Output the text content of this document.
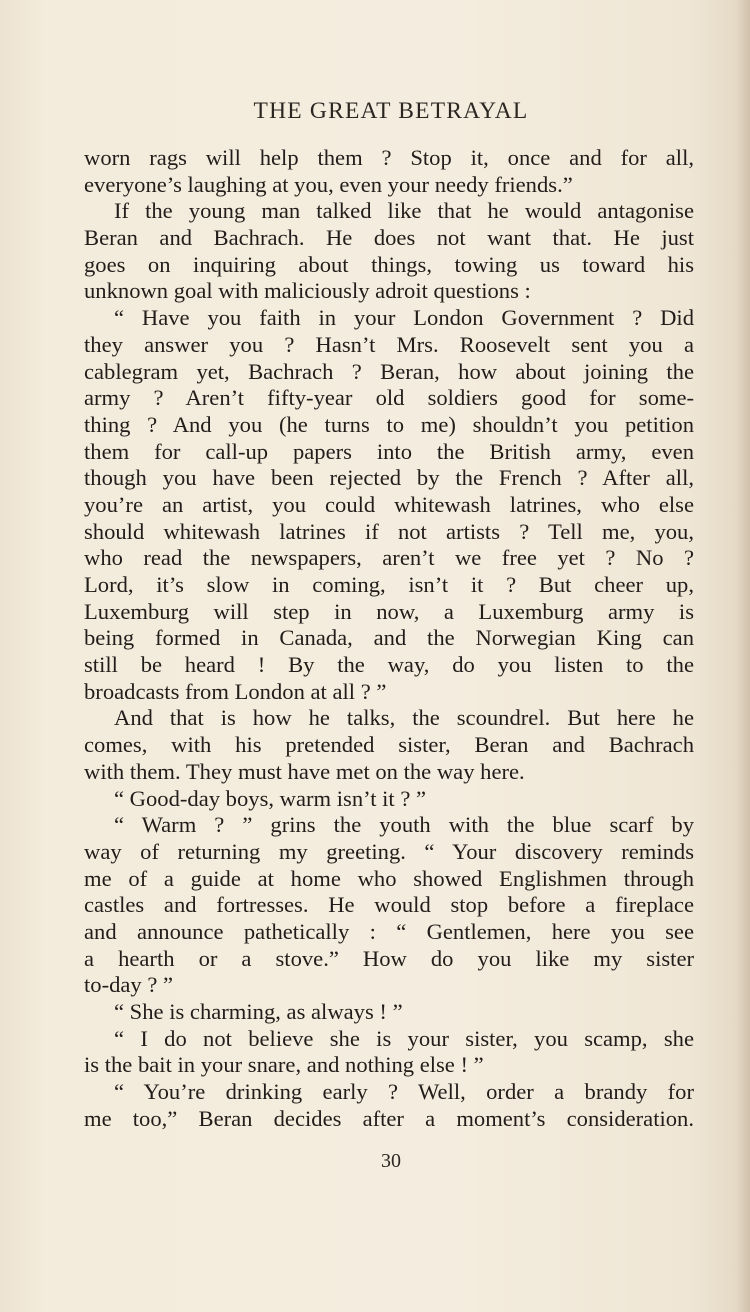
THE GREAT BETRAYAL
worn rags will help them ? Stop it, once and for all,
everyone’s laughing at you, even your needy friends.”
If the young man talked like that he would antagonise
Beran and Bachrach. He does not want that. He just
goes on inquiring about things, towing us toward his
unknown goal with maliciously adroit questions :
“ Have you faith in your London Government ? Did
they answer you ? Hasn’t Mrs. Roosevelt sent you a
cablegram yet, Bachrach ? Beran, how about joining the
army ? Aren’t fifty-year old soldiers good for some-
thing ? And you (he turns to me) shouldn’t you petition
them for call-up papers into the British army, even
though you have been rejected by the French ? After all,
you’re an artist, you could whitewash latrines, who else
should whitewash latrines if not artists ? Tell me, you,
who read the newspapers, aren’t we free yet ? No ?
Lord, it’s slow in coming, isn’t it ? But cheer up,
Luxemburg will step in now, a Luxemburg army is
being formed in Canada, and the Norwegian King can
still be heard ! By the way, do you listen to the
broadcasts from London at all ? ”
And that is how he talks, the scoundrel. But here he
comes, with his pretended sister, Beran and Bachrach
with them. They must have met on the way here.
“ Good-day boys, warm isn’t it ? ”
“ Warm ? ” grins the youth with the blue scarf by
way of returning my greeting. “ Your discovery reminds
me of a guide at home who showed Englishmen through
castles and fortresses. He would stop before a fireplace
and announce pathetically : “ Gentlemen, here you see
a hearth or a stove.” How do you like my sister
to-day ? ”
“ She is charming, as always ! ”
“ I do not believe she is your sister, you scamp, she
is the bait in your snare, and nothing else ! ”
“ You’re drinking early ? Well, order a brandy for
me too,” Beran decides after a moment’s consideration.
30
